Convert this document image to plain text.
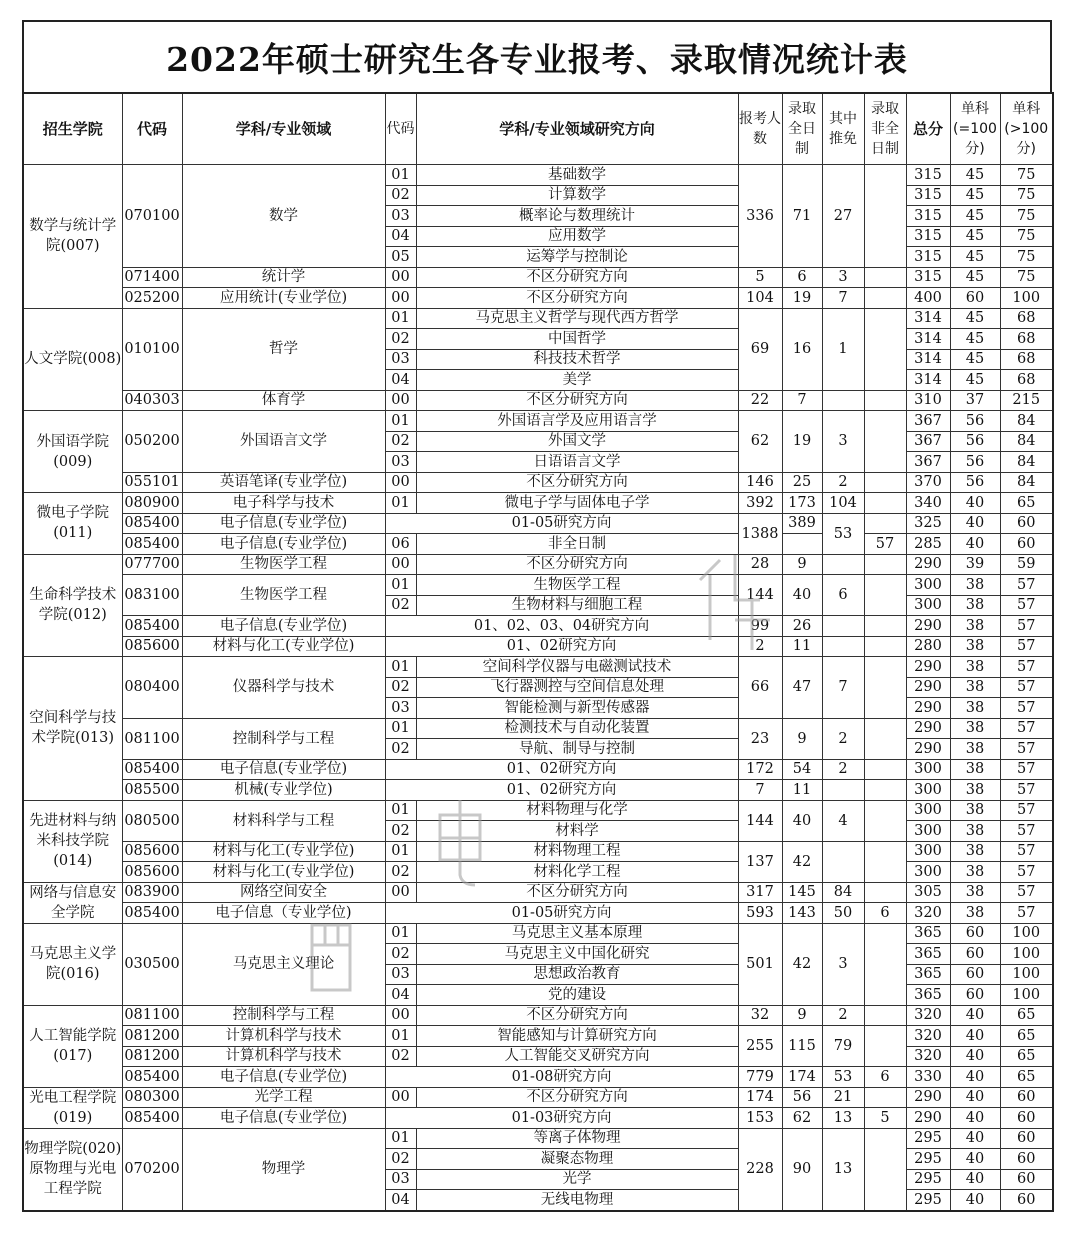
2022年硕士研究生各专业报考、录取情况统计表
招生学院	代码	学科/专业领域	代码	学科/专业领域研究方向	报考人数	录取全日制	其中推免	录取非全日制	总分	单科(=100分)	单科(>100分)
数学与统计学院(007)	070100	数学	01	基础数学	336	71	27		315	45	75
			02	计算数学					315	45	75
			03	概率论与数理统计					315	45	75
			04	应用数学					315	45	75
			05	运筹学与控制论					315	45	75
	071400	统计学	00	不区分研究方向	5	6	3		315	45	75
	025200	应用统计(专业学位)	00	不区分研究方向	104	19	7		400	60	100
人文学院(008)	010100	哲学	01	马克思主义哲学与现代西方哲学	69	16	1		314	45	68
			02	中国哲学					314	45	68
			03	科技技术哲学					314	45	68
			04	美学					314	45	68
	040303	体育学	00	不区分研究方向	22	7			310	37	215
外国语学院(009)	050200	外国语言文学	01	外国语言学及应用语言学	62	19	3		367	56	84
			02	外国文学					367	56	84
			03	日语语言文学					367	56	84
	055101	英语笔译(专业学位)	00	不区分研究方向	146	25	2		370	56	84
微电子学院(011)	080900	电子科学与技术	01	微电子学与固体电子学	392	173	104		340	40	65
	085400	电子信息(专业学位)	01-05研究方向		1388	389	53		325	40	60
	085400	电子信息(专业学位)	06	非全日制				57	285	40	60
生命科学技术学院(012)	077700	生物医学工程	00	不区分研究方向	28	9			290	39	59
	083100	生物医学工程	01	生物医学工程	144	40	6		300	38	57
			02	生物材料与细胞工程					300	38	57
	085400	电子信息(专业学位)	01、02、03、04研究方向		99	26			290	38	57
	085600	材料与化工(专业学位)	01、02研究方向		2	11			280	38	57
空间科学与技术学院(013)	080400	仪器科学与技术	01	空间科学仪器与电磁测试技术	66	47	7		290	38	57
			02	飞行器测控与空间信息处理					290	38	57
			03	智能检测与新型传感器					290	38	57
	081100	控制科学与工程	01	检测技术与自动化装置	23	9	2		290	38	57
			02	导航、制导与控制					290	38	57
	085400	电子信息(专业学位)	01、02研究方向		172	54	2		300	38	57
	085500	机械(专业学位)	01、02研究方向		7	11			300	38	57
先进材料与纳米科技学院(014)	080500	材料科学与工程	01	材料物理与化学	144	40	4		300	38	57
			02	材料学					300	38	57
	085600	材料与化工(专业学位)	01	材料物理工程	137	42			300	38	57
	085600	材料与化工(专业学位)	02	材料化学工程					300	38	57
网络与信息安全学院	083900	网络空间安全	00	不区分研究方向	317	145	84		305	38	57
	085400	电子信息（专业学位)	01-05研究方向		593	143	50	6	320	38	57
马克思主义学院(016)	030500	马克思主义理论	01	马克思主义基本原理	501	42	3		365	60	100
			02	马克思主义中国化研究					365	60	100
			03	思想政治教育					365	60	100
			04	党的建设					365	60	100
人工智能学院(017)	081100	控制科学与工程	00	不区分研究方向	32	9	2		320	40	65
	081200	计算机科学与技术	01	智能感知与计算研究方向	255	115	79		320	40	65
	081200	计算机科学与技术	02	人工智能交叉研究方向					320	40	65
	085400	电子信息(专业学位)	01-08研究方向		779	174	53	6	330	40	65
光电工程学院(019)	080300	光学工程	00	不区分研究方向	174	56	21		290	40	60
	085400	电子信息(专业学位)	01-03研究方向		153	62	13	5	290	40	60
物理学院(020)原物理与光电工程学院	070200	物理学	01	等离子体物理	228	90	13		295	40	60
			02	凝聚态物理					295	40	60
			03	光学					295	40	60
			04	无线电物理					295	40	60
